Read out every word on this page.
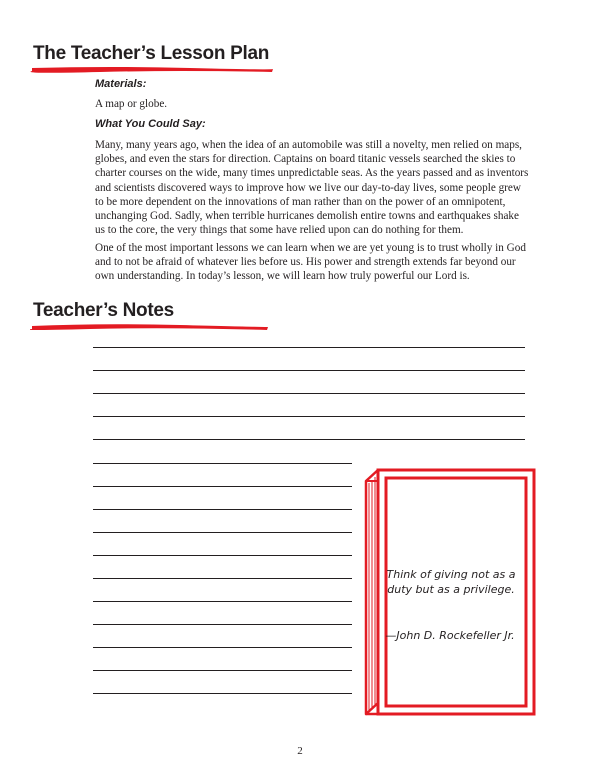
The Teacher’s Lesson Plan
Materials:

A map or globe.

What You Could Say:

Many, many years ago, when the idea of an automobile was still a novelty, men relied on maps, globes, and even the stars for direction. Captains on board titanic vessels searched the skies to charter courses on the wide, many times unpredictable seas. As the years passed and as inventors and scientists discovered ways to improve how we live our day-to-day lives, some people grew to be more dependent on the innovations of man rather than on the power of an omnipotent, unchanging God. Sadly, when terrible hurricanes demolish entire towns and earthquakes shake us to the core, the very things that some have relied upon can do nothing for them.

One of the most important lessons we can learn when we are yet young is to trust wholly in God and to not be afraid of whatever lies before us. His power and strength extends far beyond our own understanding. In today’s lesson, we will learn how truly powerful our Lord is.

Teacher’s Notes
Think of giving not as a duty but as a privilege.
—John D. Rockefeller Jr.
2
